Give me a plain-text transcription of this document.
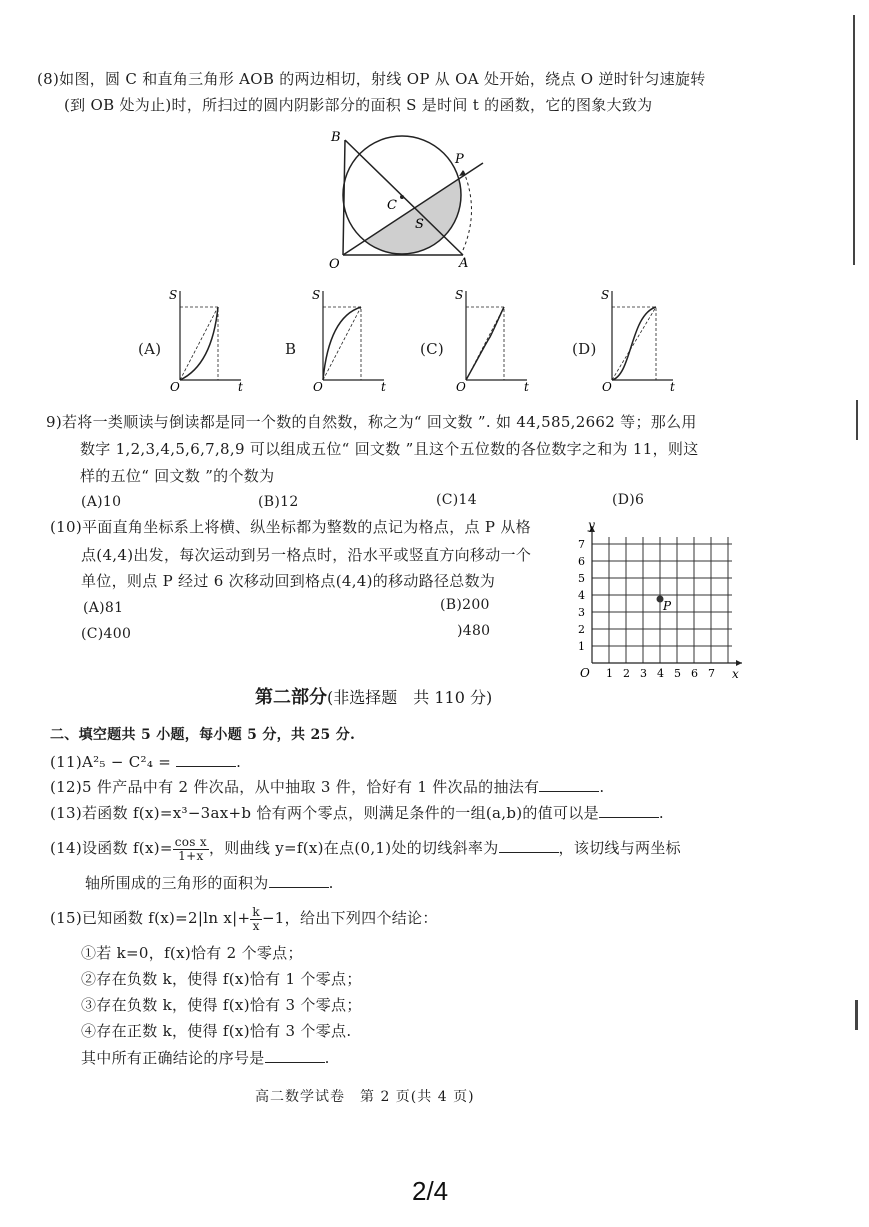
(8)如图，圆 C 和直角三角形 AOB 的两边相切，射线 OP 从 OA 处开始，绕点 O 逆时针匀速旋转
(到 OB 处为止)时，所扫过的圆内阴影部分的面积 S 是时间 t 的函数，它的图象大致为
B
P
C
S
O	A
(A)
S
t
O
B
S
t
O
(C)
S
t
O
(D)
S
t
O
9)若将一类顺读与倒读都是同一个数的自然数，称之为“ 回文数 ”. 如 44,585,2662 等；那么用
数字 1,2,3,4,5,6,7,8,9 可以组成五位“ 回文数 ”且这个五位数的各位数字之和为 11，则这
样的五位“ 回文数 ”的个数为
(A)10	(B)12	(C)14	(D)6
(10)平面直角坐标系上将横、纵坐标都为整数的点记为格点，点 P 从格
点(4,4)出发，每次运动到另一格点时，沿水平或竖直方向移动一个
单位，则点 P 经过 6 次移动回到格点(4,4)的移动路径总数为
(A)81	(B)200
(C)400	)480
7
6
5
4
3
2
1
1 2 3 4 5 6 7
y
x
O
P
第二部分(非选择题　共 110 分)
二、填空题共 5 小题，每小题 5 分，共 25 分.
(11)A²₅ − C²₄ =	.
(12)5 件产品中有 2 件次品，从中抽取 3 件，恰好有 1 件次品的抽法有	.
(13)若函数 f(x)=x³−3ax+b 恰有两个零点，则满足条件的一组(a,b)的值可以是	.
(14)设函数 $f(x)= \frac{\text{cos x}}{1+x}$ ，则曲线 y=f(x)在点(0,1)处的切线斜率为	，该切线与两坐标
轴所围成的三角形的面积为	.
(15)已知函数 f(x)=2|ln $x|+ \frac{k}{x} -1$，给出下列四个结论：
①若 k=0，f(x)恰有 2 个零点；
②存在负数 k，使得 f(x)恰有 1 个零点；
③存在负数 k，使得 f(x)恰有 3 个零点；
④存在正数 k，使得 f(x)恰有 3 个零点.
其中所有正确结论的序号是	.
高二数学试卷　第 2 页(共 4 页)
2/4
